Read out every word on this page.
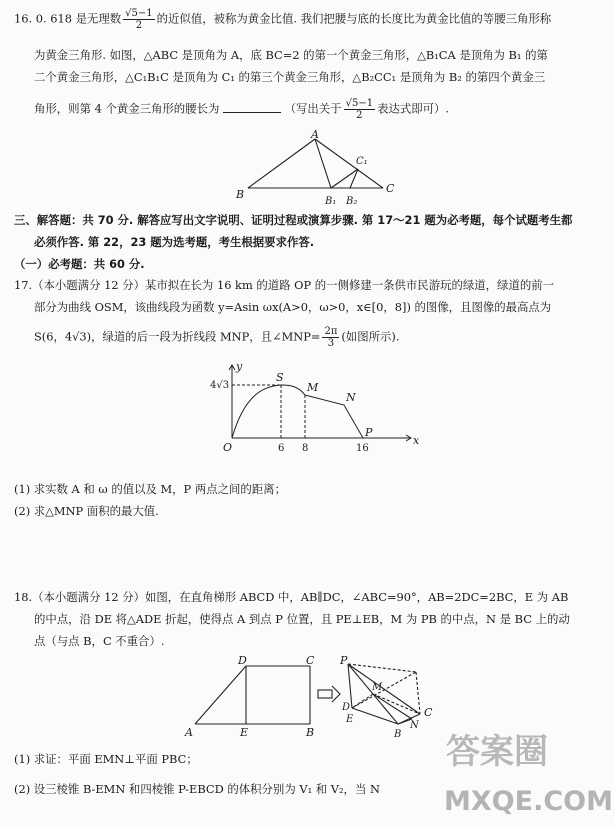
16. 0. 618 是无理数 $\frac{√5-1}{2}$ 的近似值，被称为黄金比值. 我们把腰与底的长度比为黄金比值的等腰三角形称
为黄金三角形. 如图，△ABC 是顶角为 A，底 BC=2 的第一个黄金三角形，△B₁CA 是顶角为 B₁ 的第
二个黄金三角形，△C₁B₁C 是顶角为 C₁ 的第三个黄金三角形，△B₂CC₁ 是顶角为 B₂ 的第四个黄金三
角形，则第 4 个黄金三角形的腰长为	（写出关于 $\frac{√5-1}{2}$ 表达式即可）.
A
B	C
B₁ B₂
C₁
三、解答题：共 70 分. 解答应写出文字说明、证明过程或演算步骤. 第 17～21 题为必考题，每个试题考生都
必须作答. 第 22，23 题为选考题，考生根据要求作答.
（一）必考题：共 60 分.
17.（本小题满分 12 分）某市拟在长为 16 km 的道路 OP 的一侧修建一条供市民游玩的绿道，绿道的前一
部分为曲线 OSM，该曲线段为函数 y=Asin ωx(A>0，ω>0，x∈[0，8]) 的图像，且图像的最高点为
S(6，4√3)，绿道的后一段为折线段 MNP，且∠MNP= $\frac{2\pi}{3}$ (如图所示).
y
x
4√3
O
S
M
N
P
6 8	16
(1) 求实数 A 和 ω 的值以及 M，P 两点之间的距离；
(2) 求△MNP 面积的最大值.
18.（本小题满分 12 分）如图，在直角梯形 ABCD 中，AB∥DC，∠ABC=90°，AB=2DC=2BC，E 为 AB
的中点，沿 DE 将△ADE 折起，使得点 A 到点 P 位置，且 PE⊥EB，M 为 PB 的中点，N 是 BC 上的动
点（与点 B，C 不重合）.
A	B
C
D
E
P
M
D	C
N
E
B
(1) 求证：平面 EMN⊥平面 PBC；
(2) 设三棱锥 B-EMN 和四棱锥 P-EBCD 的体积分别为 V₁ 和 V₂，当 N
答案圈
MXQE.COM
